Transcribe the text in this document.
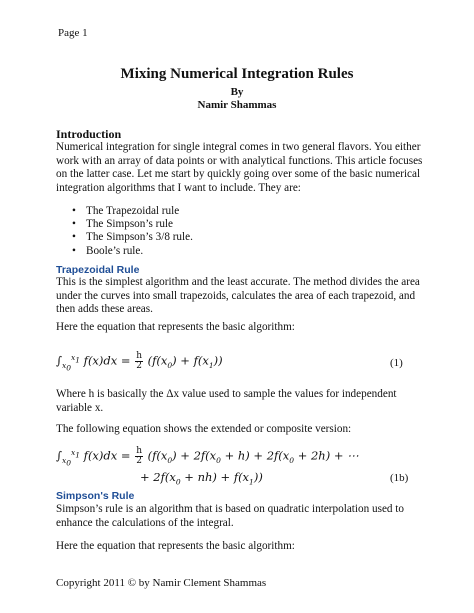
Page 1
Mixing Numerical Integration Rules
By
Namir Shammas
Introduction
Numerical integration for single integral comes in two general flavors. You either work with an array of data points or with analytical functions. This article focuses on the latter case. Let me start by quickly going over some of the basic numerical integration algorithms that I want to include. They are:
• The Trapezoidal rule
• The Simpson’s rule
• The Simpson’s 3/8 rule.
• Boole’s rule.
Trapezoidal Rule
This is the simplest algorithm and the least accurate. The method divides the area under the curves into small trapezoids, calculates the area of each trapezoid, and then adds these areas.
Here the equation that represents the basic algorithm:
$\int_{x_0}^{x_1}$ $f(x)dx = \frac{h}{2} (f(x_0) + f(x_1))$	(1)
Where h is basically the Δx value used to sample the values for independent variable x.
The following equation shows the extended or composite version:
$\int_{x_0}^{x_1}$ $f(x)dx = \frac{h}{2} (f(x_0) + 2f(x_0 + h) + 2f(x_0 + 2h)$ + ⋯
+ $2f(x_0 + nh) + f(x_1)$)	(1b)
Simpson's Rule
Simpson’s rule is an algorithm that is based on quadratic interpolation used to enhance the calculations of the integral.
Here the equation that represents the basic algorithm:
Copyright 2011 © by Namir Clement Shammas
